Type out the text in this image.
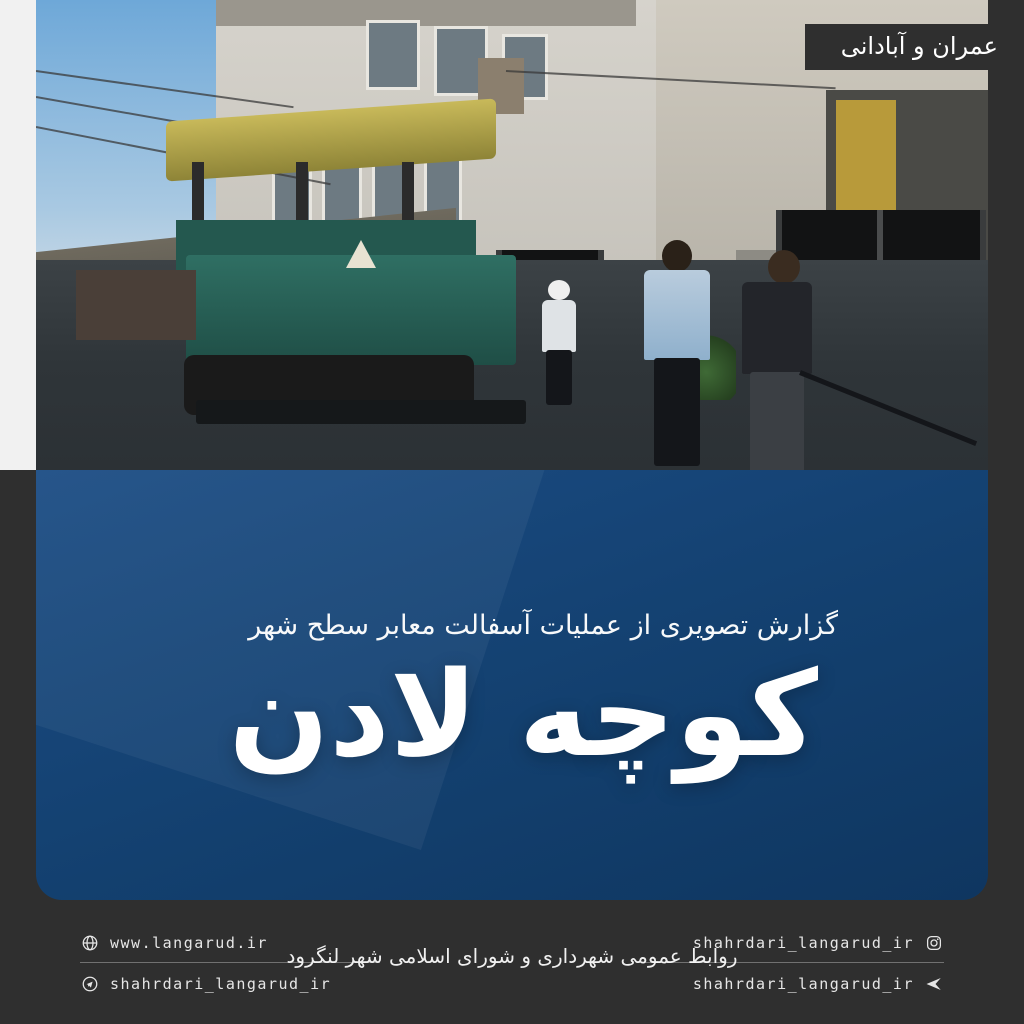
عمران و آبادانی
گزارش تصویری از عملیات آسفالت معابر سطح شهر
کوچه لادن
www.langarud.ir
shahrdari_langarud_ir
روابط عمومی شهرداری و شورای اسلامی شهر لنگرود
shahrdari_langarud_ir
shahrdari_langarud_ir
